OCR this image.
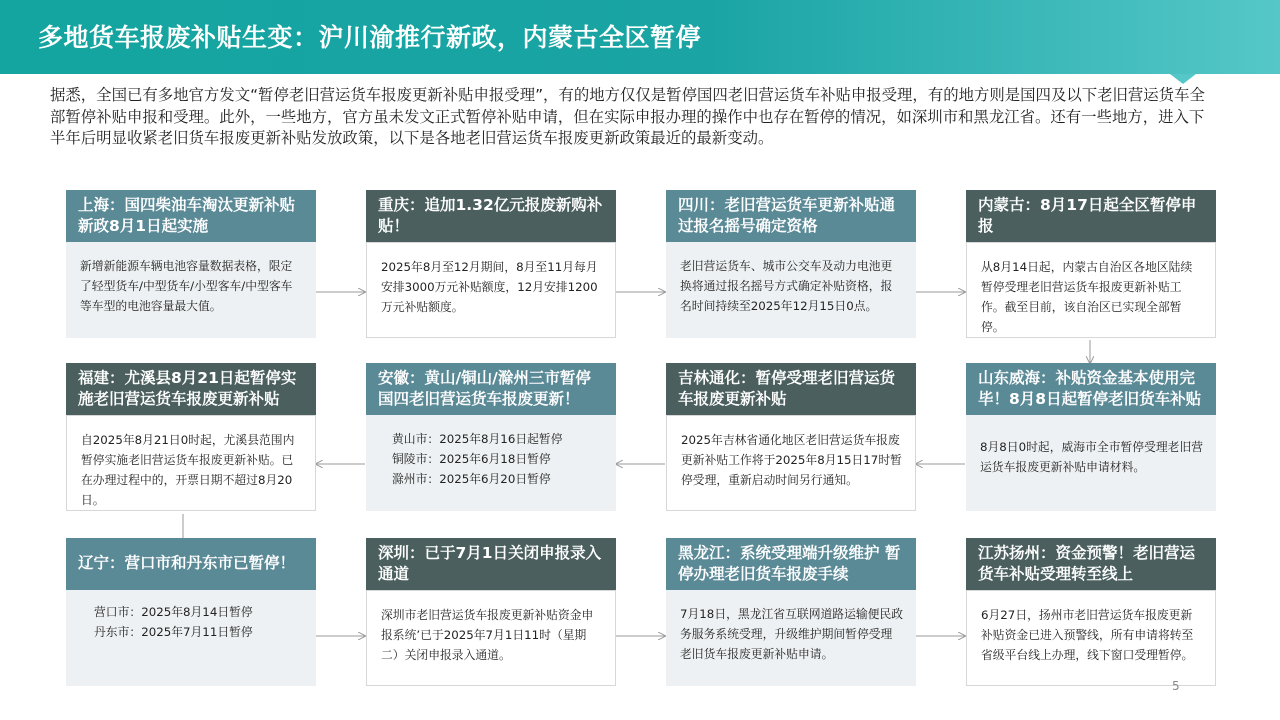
多地货车报废补贴生变：沪川渝推行新政，内蒙古全区暂停
据悉，全国已有多地官方发文“暂停老旧营运货车报废更新补贴申报受理”，有的地方仅仅是暂停国四老旧营运货车补贴申报受理，有的地方则是国四及以下老旧营运货车全部暂停补贴申报和受理。此外，一些地方，官方虽未发文正式暂停补贴申请，但在实际申报办理的操作中也存在暂停的情况，如深圳市和黑龙江省。还有一些地方，进入下半年后明显收紧老旧货车报废更新补贴发放政策，以下是各地老旧营运货车报废更新政策最近的最新变动。
上海：国四柴油车淘汰更新补贴新政8月1日起实施
新增新能源车辆电池容量数据表格，限定了轻型货车/中型货车/小型客车/中型客车等车型的电池容量最大值。
重庆：追加1.32亿元报废新购补贴！
2025年8月至12月期间，8月至11月每月安排3000万元补贴额度，12月安排1200万元补贴额度。
四川：老旧营运货车更新补贴通过报名摇号确定资格
老旧营运货车、城市公交车及动力电池更换将通过报名摇号方式确定补贴资格，报名时间持续至2025年12月15日0点。
内蒙古：8月17日起全区暂停申报
从8月14日起，内蒙古自治区各地区陆续暂停受理老旧营运货车报废更新补贴工作。截至目前，该自治区已实现全部暂停。
福建：尤溪县8月21日起暂停实施老旧营运货车报废更新补贴
自2025年8月21日0时起，尤溪县范围内暂停实施老旧营运货车报废更新补贴。已在办理过程中的，开票日期不超过8月20日。
安徽：黄山/铜山/滁州三市暂停国四老旧营运货车报废更新！
黄山市：2025年8月16日起暂停
铜陵市：2025年6月18日暂停
滁州市：2025年6月20日暂停
吉林通化：暂停受理老旧营运货车报废更新补贴
2025年吉林省通化地区老旧营运货车报废更新补贴工作将于2025年8月15日17时暂停受理，重新启动时间另行通知。
山东威海：补贴资金基本使用完毕！8月8日起暂停老旧货车补贴
8月8日0时起，威海市全市暂停受理老旧营运货车报废更新补贴申请材料。
辽宁：营口市和丹东市已暂停！
营口市：2025年8月14日暂停
丹东市：2025年7月11日暂停
深圳：已于7月1日关闭申报录入通道
深圳市老旧营运货车报废更新补贴资金申报系统’已于2025年7月1日11时（星期二）关闭申报录入通道。
黑龙江：系统受理端升级维护 暂停办理老旧货车报废手续
7月18日，黑龙江省互联网道路运输便民政务服务系统受理，升级维护期间暂停受理老旧货车报废更新补贴申请。
江苏扬州：资金预警！老旧营运货车补贴受理转至线上
6月27日，扬州市老旧营运货车报废更新补贴资金已进入预警线，所有申请将转至省级平台线上办理，线下窗口受理暂停。
5
